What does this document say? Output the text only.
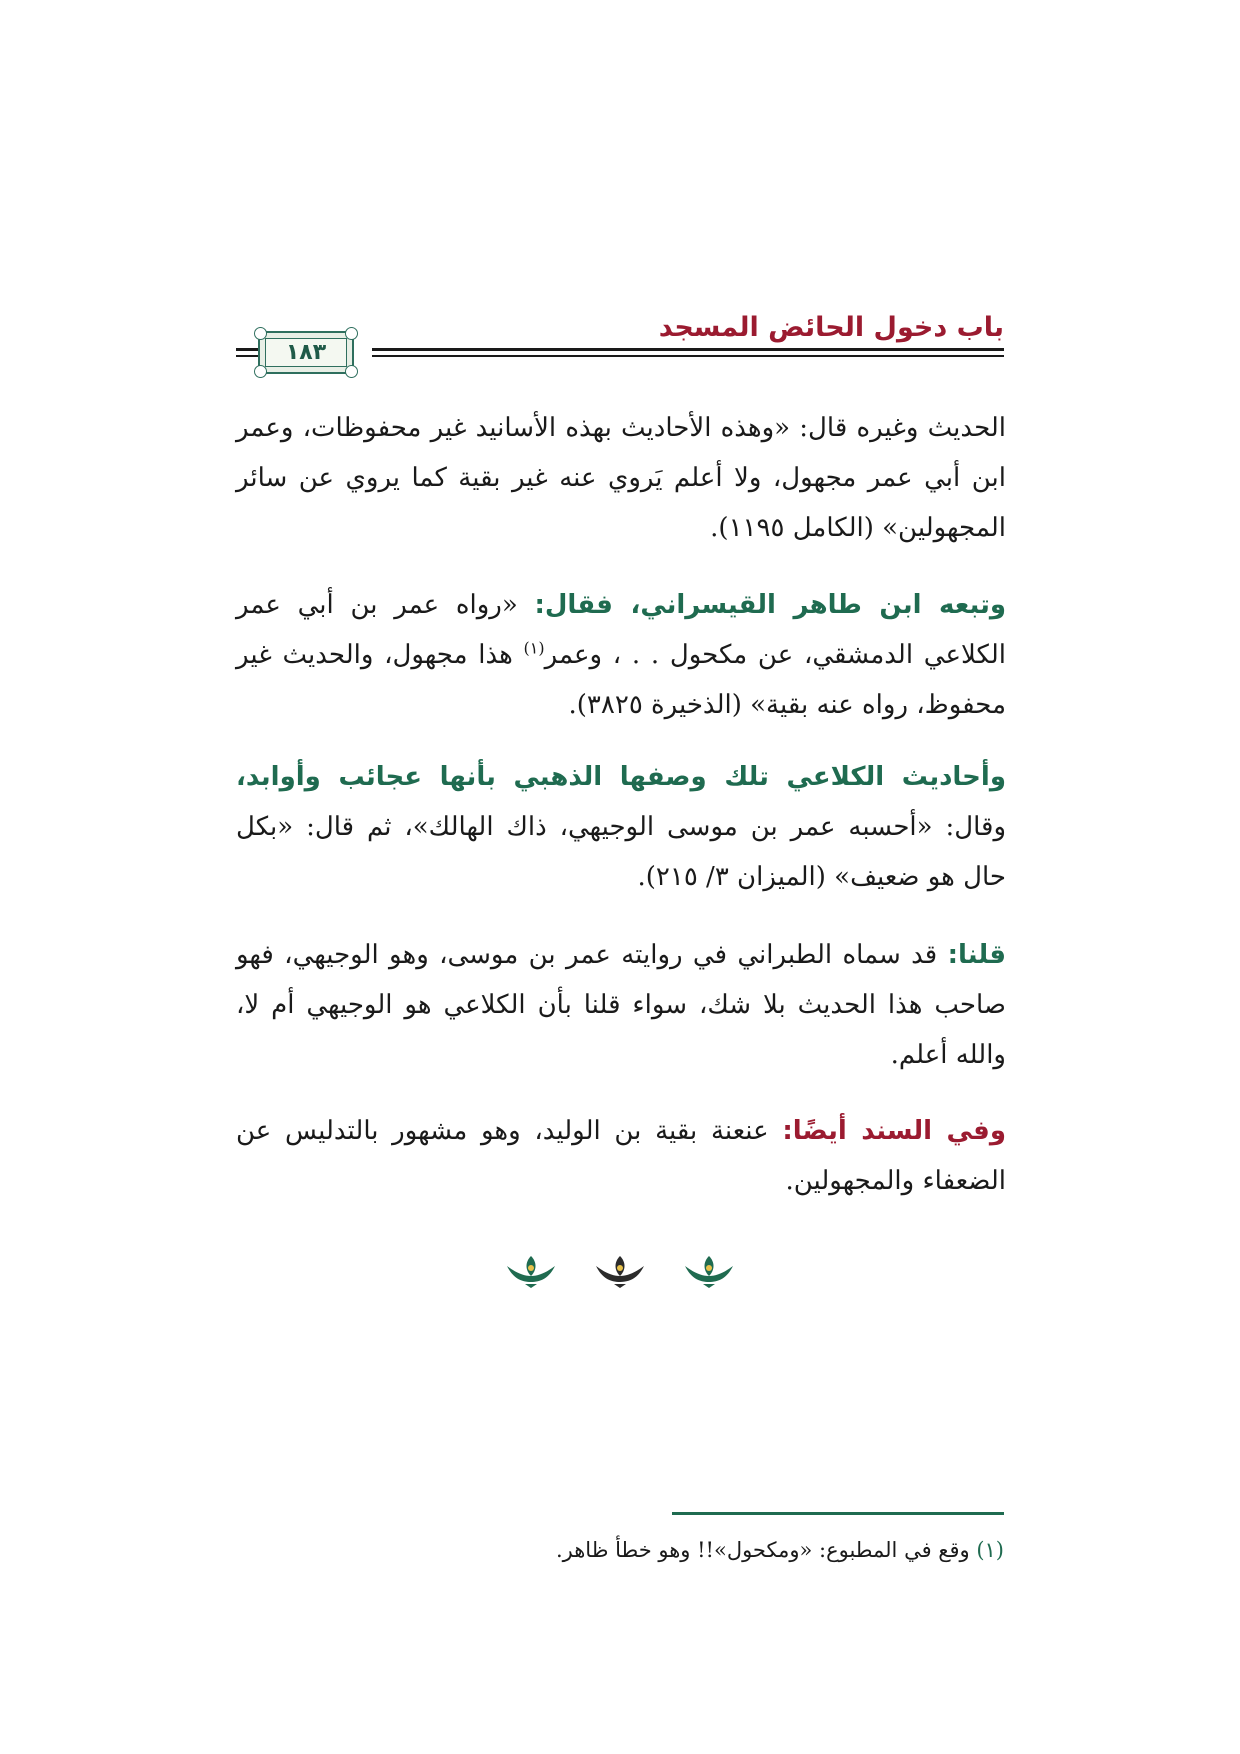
باب دخول الحائض المسجد
١٨٣

الحديث وغيره قال: «وهذه الأحاديث بهذه الأسانيد غير محفوظات، وعمر ابن أبي عمر مجهول، ولا أعلم يَروي عنه غير بقية كما يروي عن سائر المجهولين» (الكامل ١١٩٥).

وتبعه ابن طاهر القيسراني، فقال: «رواه عمر بن أبي عمر الكلاعي الدمشقي، عن مكحول . . ، وعمر$^{(١)}$ هذا مجهول، والحديث غير محفوظ، رواه عنه بقية» (الذخيرة ٣٨٢٥).

وأحاديث الكلاعي تلك وصفها الذهبي بأنها عجائب وأوابد، وقال: «أحسبه عمر بن موسى الوجيهي، ذاك الهالك»، ثم قال: «بكل حال هو ضعيف» (الميزان ٣/ ٢١٥).

قلنا: قد سماه الطبراني في روايته عمر بن موسى، وهو الوجيهي، فهو صاحب هذا الحديث بلا شك، سواء قلنا بأن الكلاعي هو الوجيهي أم لا، والله أعلم.

وفي السند أيضًا: عنعنة بقية بن الوليد، وهو مشهور بالتدليس عن الضعفاء والمجهولين.

(١) وقع في المطبوع: «ومكحول»!! وهو خطأ ظاهر.
